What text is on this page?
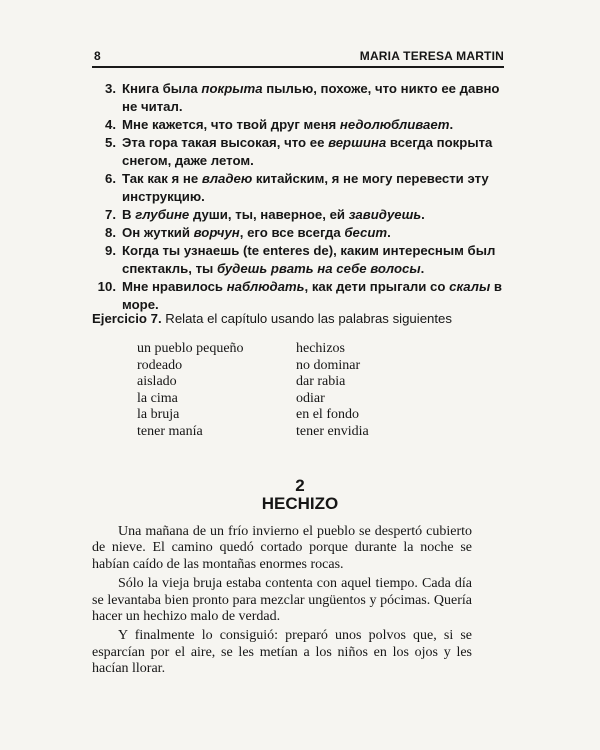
8	MARIA TERESA MARTIN
3. Книга была покрыта пылью, похоже, что никто ее давно не читал.
4. Мне кажется, что твой друг меня недолюбливает.
5. Эта гора такая высокая, что ее вершина всегда покрыта снегом, даже летом.
6. Так как я не владею китайским, я не могу перевести эту инструкцию.
7. В глубине души, ты, наверное, ей завидуешь.
8. Он жуткий ворчун, его все всегда бесит.
9. Когда ты узнаешь (te enteres de), каким интересным был спектакль, ты будешь рвать на себе волосы.
10. Мне нравилось наблюдать, как дети прыгали со скалы в море.
Ejercicio 7. Relata el capítulo usando las palabras siguientes
un pueblo pequeño
rodeado
aislado
la cima
la bruja
tener manía
hechizos
no dominar
dar rabia
odiar
en el fondo
tener envidia
2
HECHIZO

Una mañana de un frío invierno el pueblo se despertó cubierto de nieve. El camino quedó cortado porque durante la noche se habían caído de las montañas enormes rocas.

Sólo la vieja bruja estaba contenta con aquel tiempo. Cada día se levantaba bien pronto para mezclar ungüentos y pócimas. Quería hacer un hechizo malo de verdad.

Y finalmente lo consiguió: preparó unos polvos que, si se esparcían por el aire, se les metían a los niños en los ojos y les hacían llorar.
